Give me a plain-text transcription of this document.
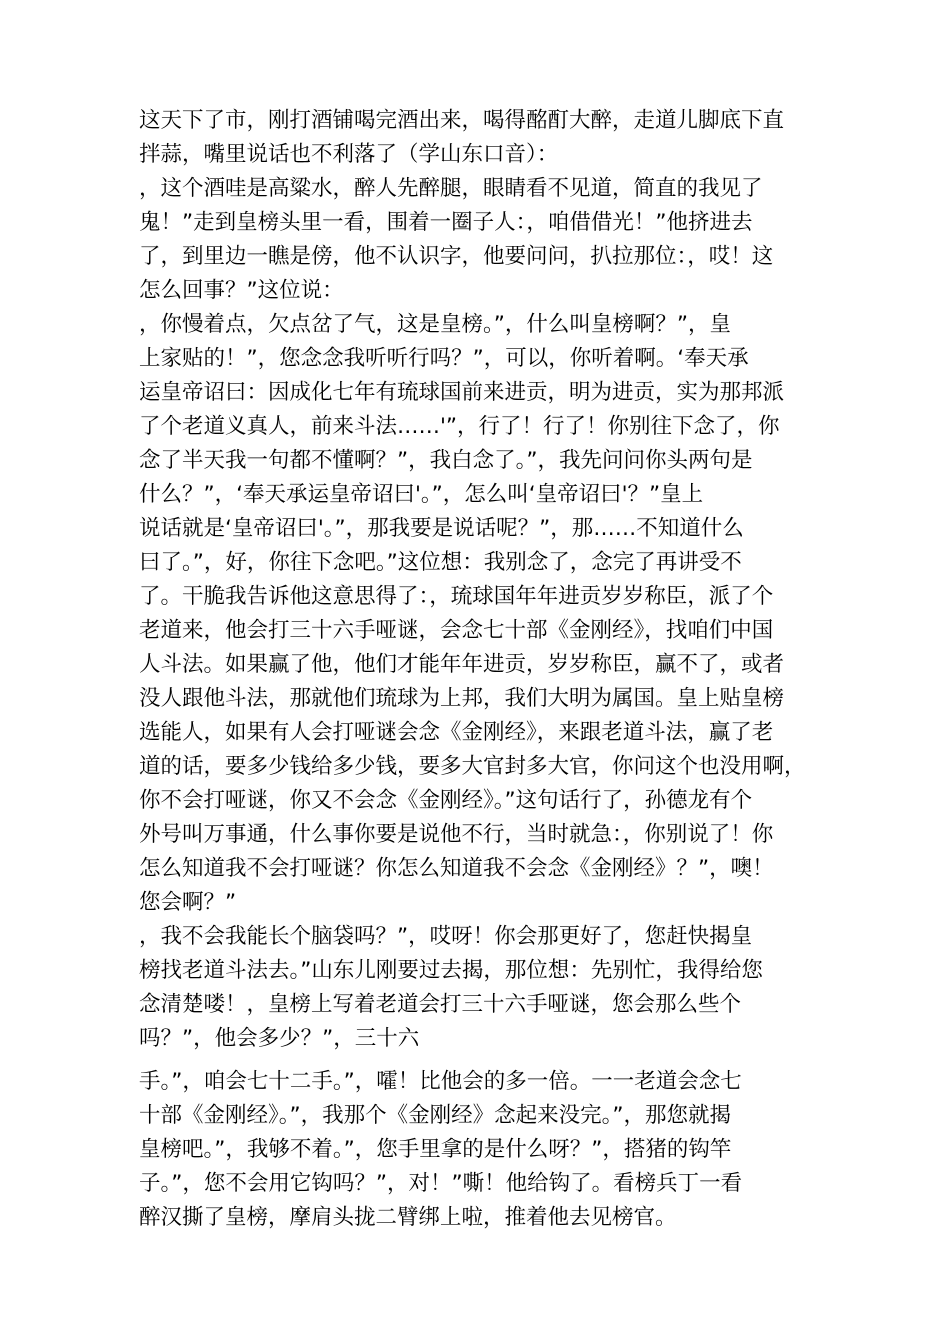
这天下了市，刚打酒铺喝完酒出来，喝得酩酊大醉，走道儿脚底下直
拌蒜，嘴里说话也不利落了（学山东口音）：
，这个酒哇是高粱水，醉人先醉腿，眼睛看不见道，简直的我见了
鬼！”走到皇榜头里一看，围着一圈子人：，咱借借光！”他挤进去
了，到里边一瞧是傍，他不认识字，他要问问，扒拉那位：，哎！这
怎么回事？”这位说：
，你慢着点，欠点岔了气，这是皇榜。”，什么叫皇榜啊？”，皇
上家贴的！”，您念念我听听行吗？”，可以，你听着啊。‘奉天承
运皇帝诏曰：因成化七年有琉球国前来进贡，明为进贡，实为那邦派
了个老道义真人，前来斗法……'”，行了！行了！你别往下念了，你
念了半天我一句都不懂啊？”，我白念了。”，我先问问你头两句是
什么？”，‘奉天承运皇帝诏曰'。”，怎么叫‘皇帝诏曰'？”皇上
说话就是‘皇帝诏曰'。”，那我要是说话呢？”，那……不知道什么
曰了。”，好，你往下念吧。”这位想：我别念了，念完了再讲受不
了。干脆我告诉他这意思得了：，琉球国年年进贡岁岁称臣，派了个
老道来，他会打三十六手哑谜，会念七十部《金刚经》，找咱们中国
人斗法。如果赢了他，他们才能年年进贡，岁岁称臣，赢不了，或者
没人跟他斗法，那就他们琉球为上邦，我们大明为属国。皇上贴皇榜
选能人，如果有人会打哑谜会念《金刚经》，来跟老道斗法，赢了老
道的话，要多少钱给多少钱，要多大官封多大官，你问这个也没用啊，
你不会打哑谜，你又不会念《金刚经》。”这句话行了，孙德龙有个
外号叫万事通，什么事你要是说他不行，当时就急：，你别说了！你
怎么知道我不会打哑谜？你怎么知道我不会念《金刚经》？”，噢！
您会啊？”
，我不会我能长个脑袋吗？”，哎呀！你会那更好了，您赶快揭皇
榜找老道斗法去。”山东儿刚要过去揭，那位想：先别忙，我得给您
念清楚喽！，皇榜上写着老道会打三十六手哑谜，您会那么些个
吗？”，他会多少？”，三十六
手。”，咱会七十二手。”，嚯！比他会的多一倍。一一老道会念七
十部《金刚经》。”，我那个《金刚经》念起来没完。”，那您就揭
皇榜吧。”，我够不着。”，您手里拿的是什么呀？”，搭猪的钩竿
子。”，您不会用它钩吗？”，对！”嘶！他给钩了。看榜兵丁一看
醉汉撕了皇榜，摩肩头拢二臂绑上啦，推着他去见榜官。
